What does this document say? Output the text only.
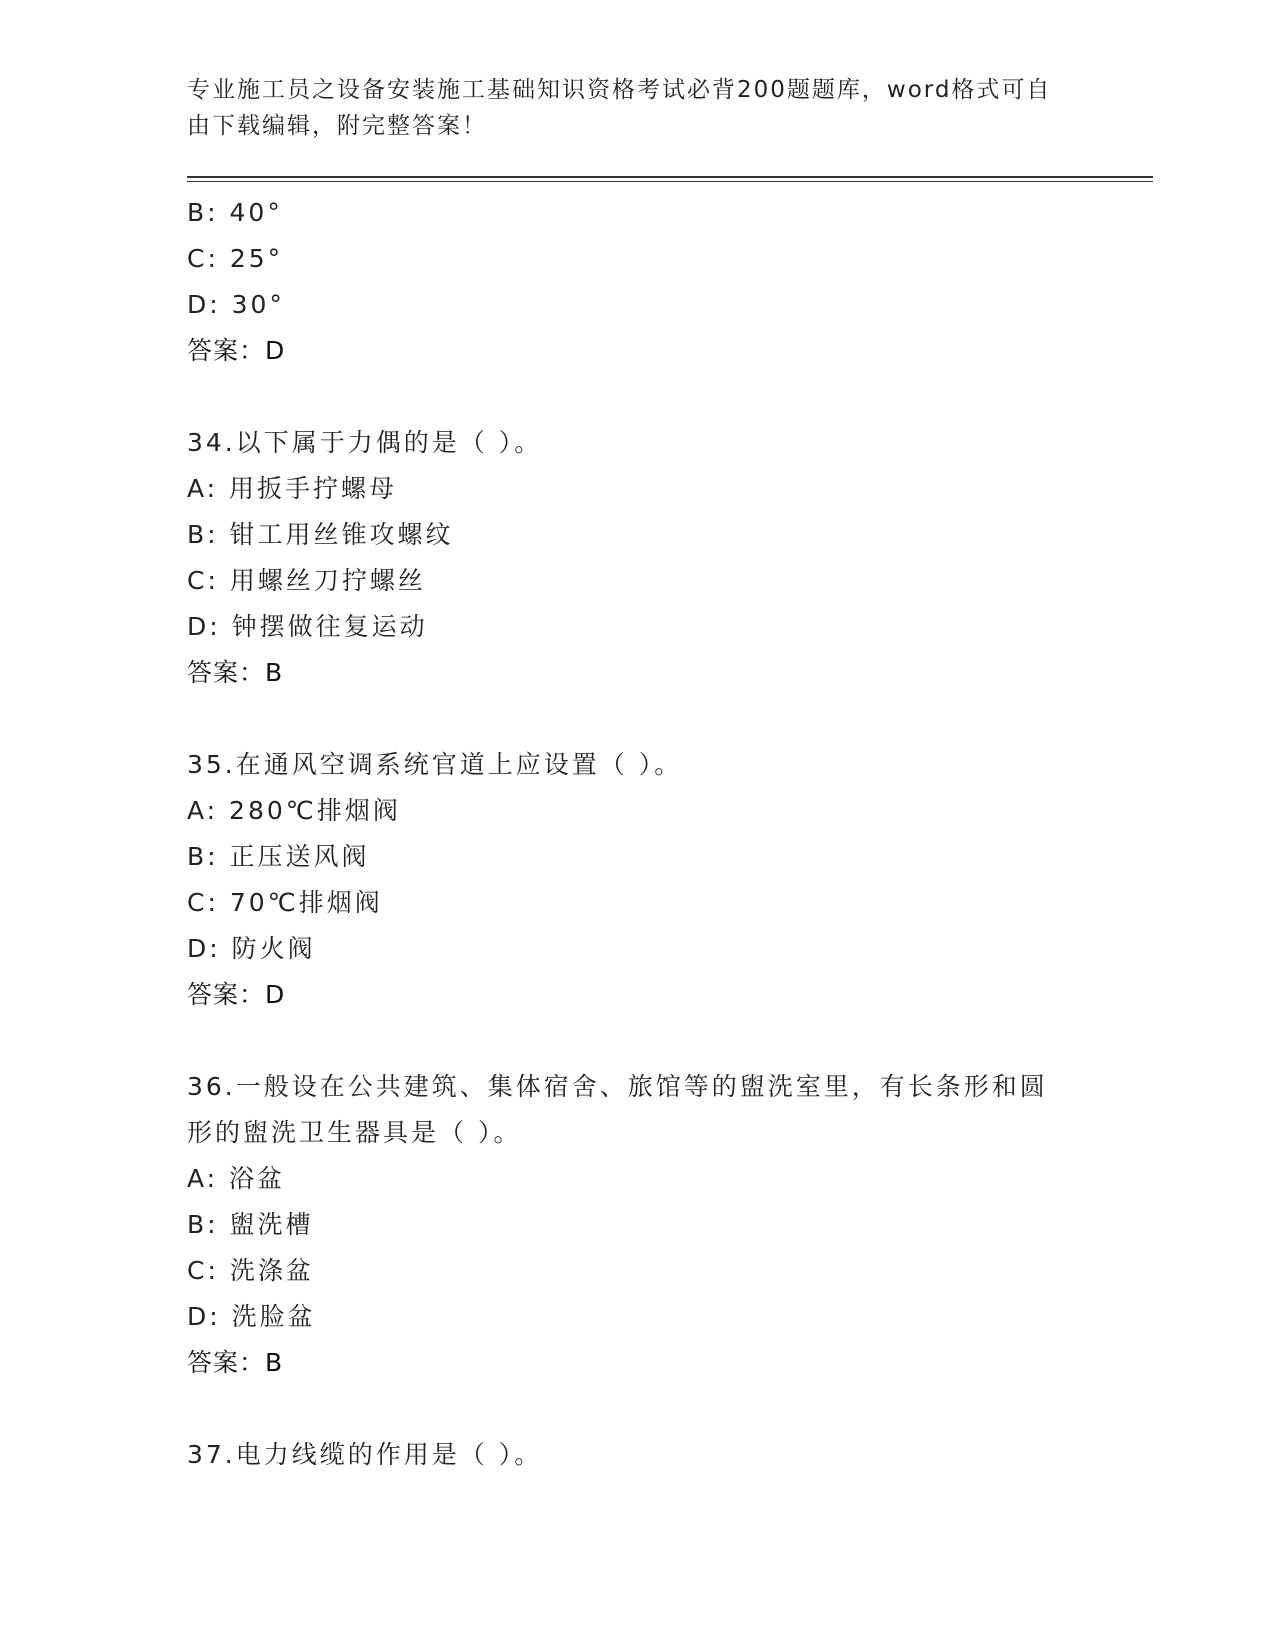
专业施工员之设备安装施工基础知识资格考试必背200题题库，word格式可自由下载编辑，附完整答案！
B: 40°
C: 25°
D: 30°
答案：D
34.以下属于力偶的是（ ）。
A: 用扳手拧螺母
B: 钳工用丝锥攻螺纹
C: 用螺丝刀拧螺丝
D: 钟摆做往复运动
答案：B
35.在通风空调系统官道上应设置（ ）。
A: 280℃排烟阀
B: 正压送风阀
C: 70℃排烟阀
D: 防火阀
答案：D
36.一般设在公共建筑、集体宿舍、旅馆等的盥洗室里，有长条形和圆形的盥洗卫生器具是（ ）。
A: 浴盆
B: 盥洗槽
C: 洗涤盆
D: 洗脸盆
答案：B
37.电力线缆的作用是（ ）。
